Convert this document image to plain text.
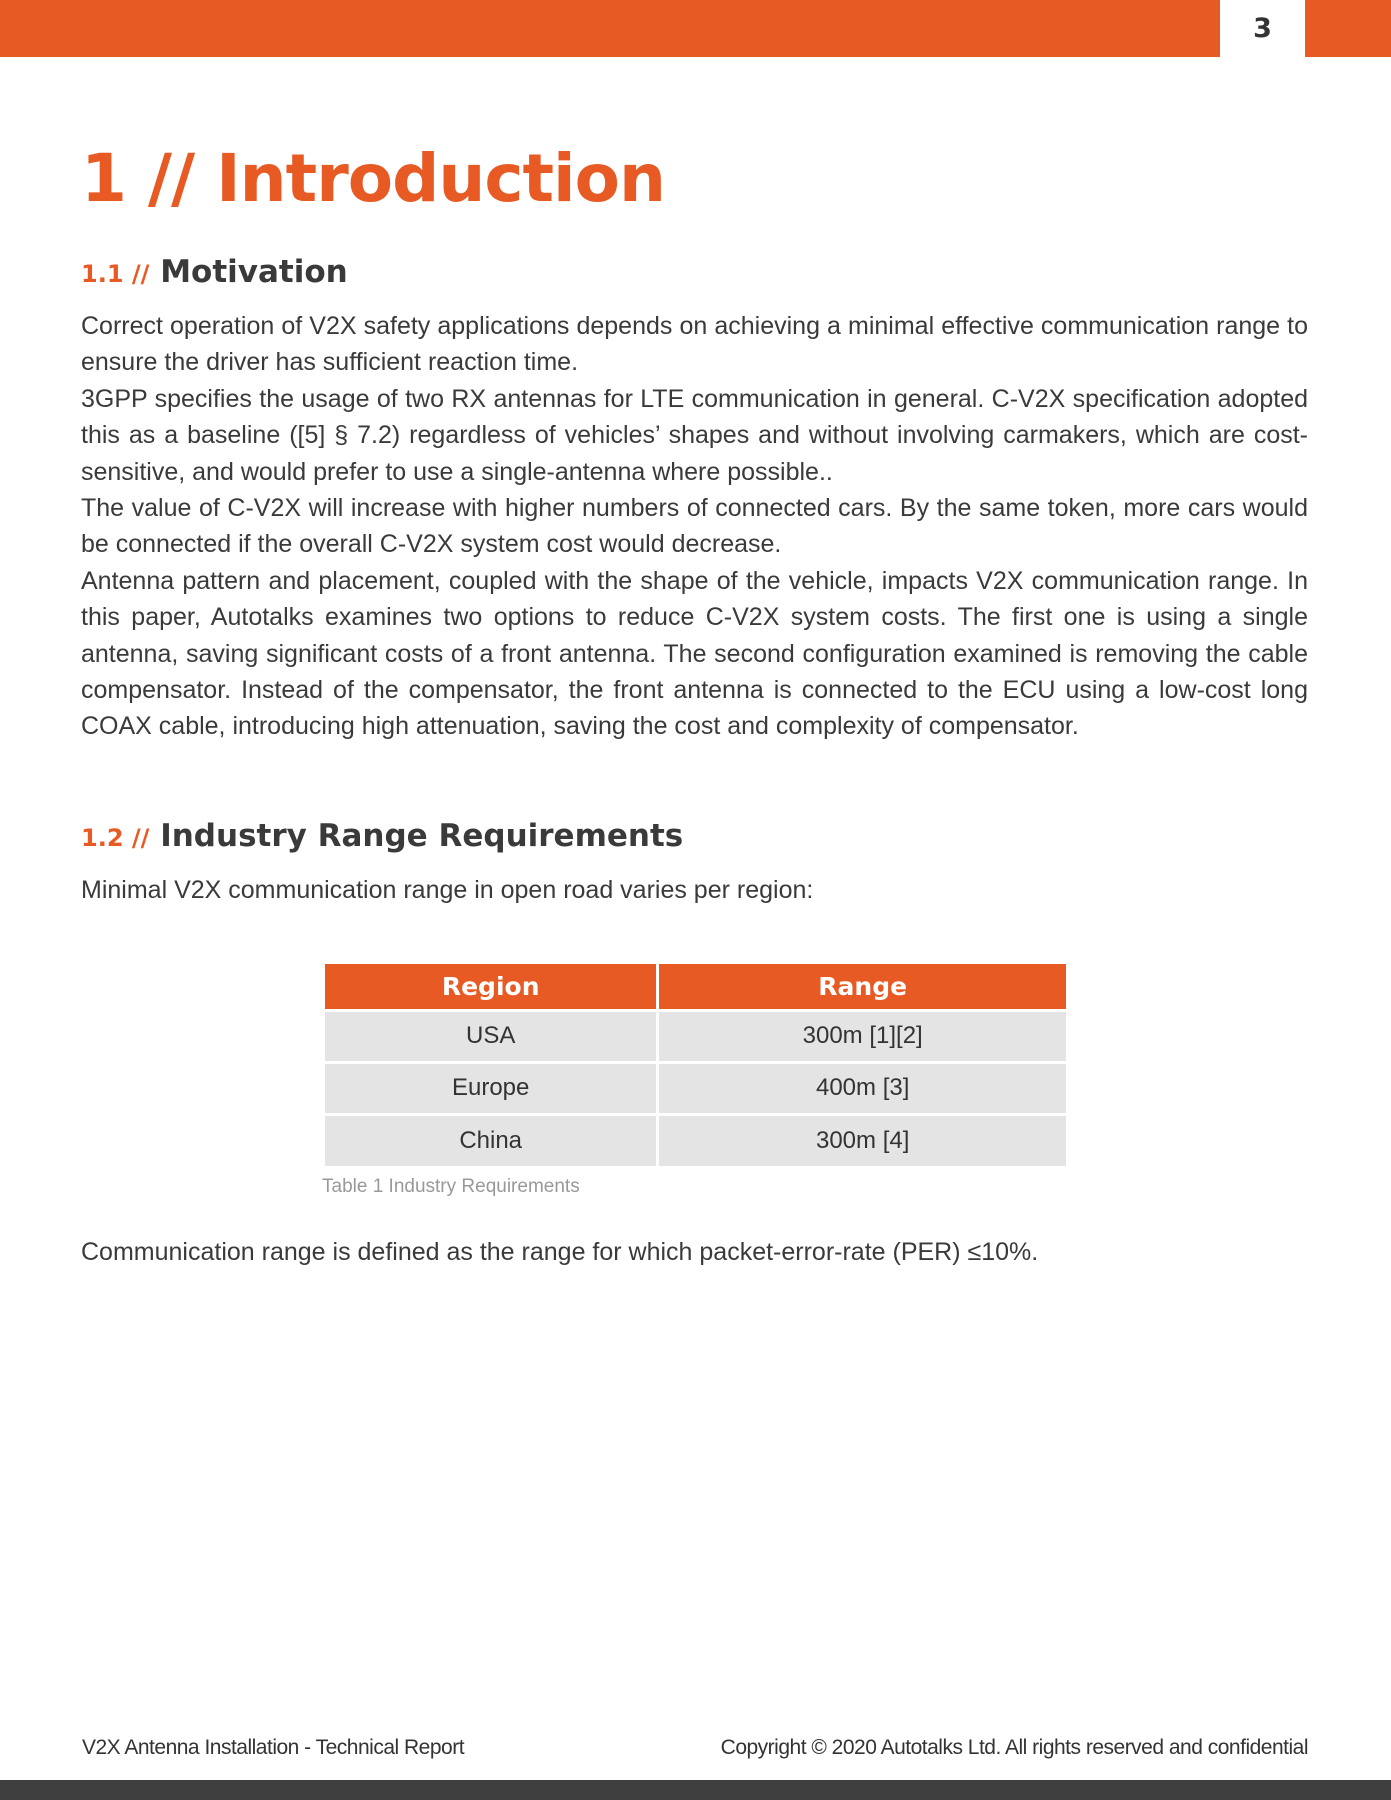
3
1 // Introduction
1.1 // Motivation

Correct operation of V2X safety applications depends on achieving a minimal effective communication range to ensure the driver has sufficient reaction time.

3GPP specifies the usage of two RX antennas for LTE communication in general. C-V2X specification adopted this as a baseline ([5] § 7.2) regardless of vehicles’ shapes and without involving carmakers, which are cost-sensitive, and would prefer to use a single-antenna where possible..

The value of C-V2X will increase with higher numbers of connected cars. By the same token, more cars would be connected if the overall C-V2X system cost would decrease.

Antenna pattern and placement, coupled with the shape of the vehicle, impacts V2X communication range. In this paper, Autotalks examines two options to reduce C-V2X system costs. The first one is using a single antenna, saving significant costs of a front antenna. The second configuration examined is removing the cable compensator. Instead of the compensator, the front antenna is connected to the ECU using a low-cost long COAX cable, introducing high attenuation, saving the cost and complexity of compensator.

1.2 // Industry Range Requirements
Minimal V2X communication range in open road varies per region:
Region	Range
USA	300m [1][2]
Europe	400m [3]
China	300m [4]
Table 1 Industry Requirements
Communication range is defined as the range for which packet-error-rate (PER) ≤10%.
V2X Antenna Installation - Technical Report	Copyright © 2020 Autotalks Ltd. All rights reserved and confidential
